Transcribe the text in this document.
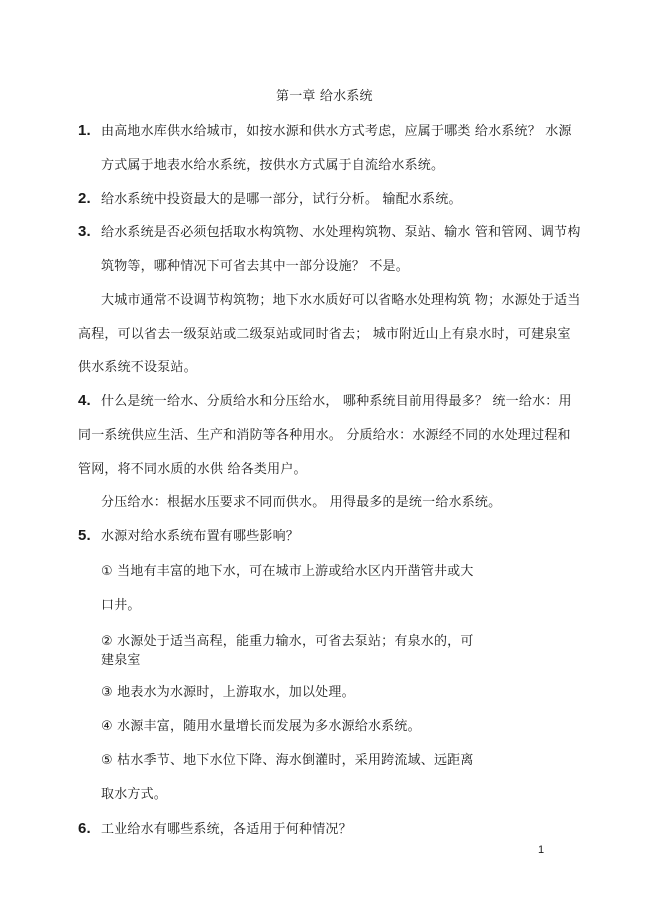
第一章 给水系统
1. 由高地水库供水给城市，如按水源和供水方式考虑，应属于哪类 给水系统？ 水源
方式属于地表水给水系统，按供水方式属于自流给水系统。
2. 给水系统中投资最大的是哪一部分，试行分析。 输配水系统。
3. 给水系统是否必须包括取水构筑物、水处理构筑物、泵站、输水 管和管网、调节构
筑物等，哪种情况下可省去其中一部分设施？ 不是。
大城市通常不设调节构筑物；地下水水质好可以省略水处理构筑 物；水源处于适当
高程，可以省去一级泵站或二级泵站或同时省去； 城市附近山上有泉水时，可建泉室
供水系统不设泵站。
4. 什么是统一给水、分质给水和分压给水， 哪种系统目前用得最多？ 统一给水：用
同一系统供应生活、生产和消防等各种用水。 分质给水：水源经不同的水处理过程和
管网，将不同水质的水供 给各类用户。
分压给水：根据水压要求不同而供水。 用得最多的是统一给水系统。
5. 水源对给水系统布置有哪些影响？
① 当地有丰富的地下水，可在城市上游或给水区内开凿管井或大
口井。
② 水源处于适当高程，能重力输水，可省去泵站；有泉水的，可
建泉室
③ 地表水为水源时，上游取水，加以处理。
④ 水源丰富，随用水量增长而发展为多水源给水系统。
⑤ 枯水季节、地下水位下降、海水倒灌时，采用跨流域、远距离
取水方式。
6. 工业给水有哪些系统，各适用于何种情况？
1
